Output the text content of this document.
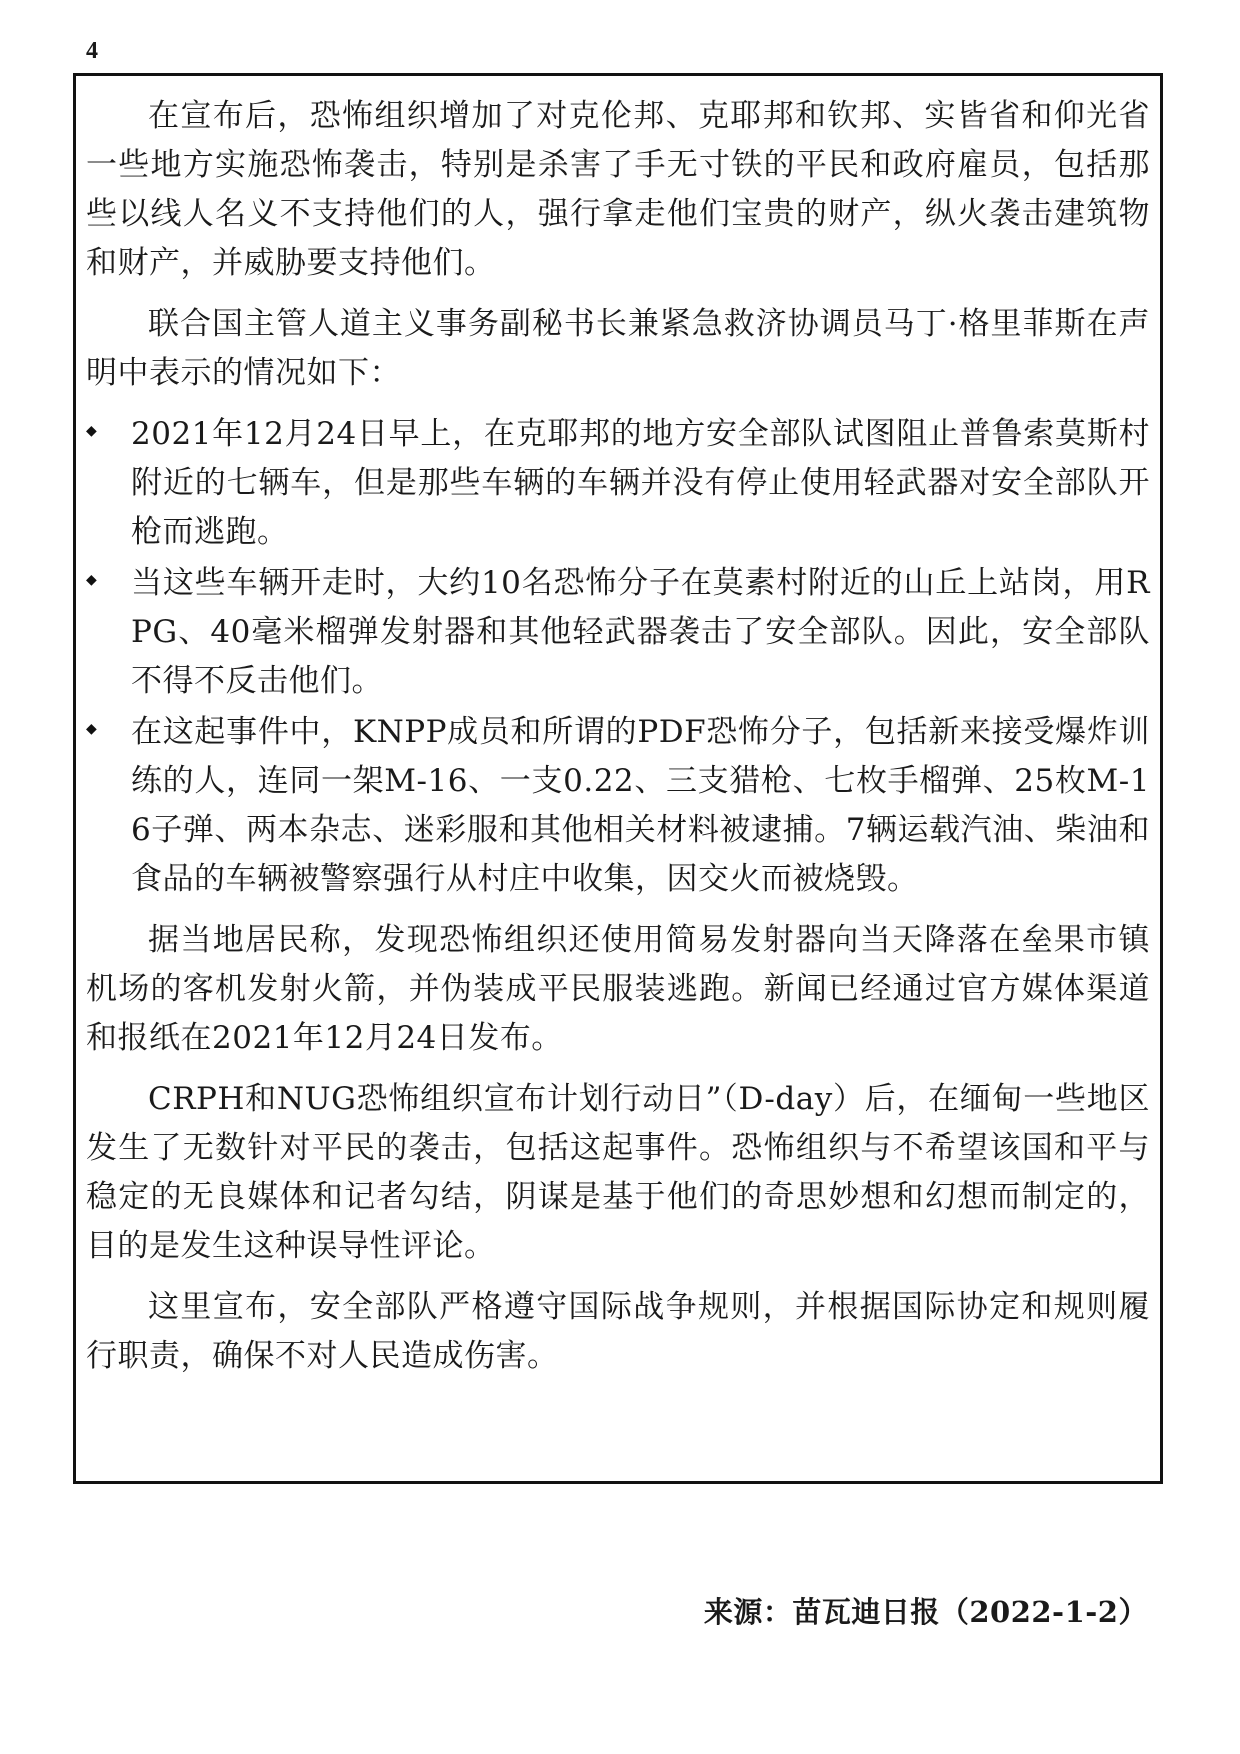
4

在宣布后，恐怖组织增加了对克伦邦、克耶邦和钦邦、实皆省和仰光省一些地方实施恐怖袭击，特别是杀害了手无寸铁的平民和政府雇员，包括那些以线人名义不支持他们的人，强行拿走他们宝贵的财产，纵火袭击建筑物和财产，并威胁要支持他们。

联合国主管人道主义事务副秘书长兼紧急救济协调员马丁·格里菲斯在声明中表示的情况如下：

◆ 2021年12月24日早上，在克耶邦的地方安全部队试图阻止普鲁索莫斯村附近的七辆车，但是那些车辆的车辆并没有停止使用轻武器对安全部队开枪而逃跑。
◆ 当这些车辆开走时，大约10名恐怖分子在莫素村附近的山丘上站岗，用RPG、40毫米榴弹发射器和其他轻武器袭击了安全部队。因此，安全部队不得不反击他们。
◆ 在这起事件中，KNPP成员和所谓的PDF恐怖分子，包括新来接受爆炸训练的人，连同一架M-16、一支0.22、三支猎枪、七枚手榴弹、25枚M-16子弹、两本杂志、迷彩服和其他相关材料被逮捕。7辆运载汽油、柴油和食品的车辆被警察强行从村庄中收集，因交火而被烧毁。

据当地居民称，发现恐怖组织还使用简易发射器向当天降落在垒果市镇机场的客机发射火箭，并伪装成平民服装逃跑。新闻已经通过官方媒体渠道和报纸在2021年12月24日发布。

CRPH和NUG恐怖组织宣布计划行动日”（D-day）后，在缅甸一些地区发生了无数针对平民的袭击，包括这起事件。恐怖组织与不希望该国和平与稳定的无良媒体和记者勾结，阴谋是基于他们的奇思妙想和幻想而制定的，目的是发生这种误导性评论。

这里宣布，安全部队严格遵守国际战争规则，并根据国际协定和规则履行职责，确保不对人民造成伤害。

来源：苗瓦迪日报（2022-1-2）
